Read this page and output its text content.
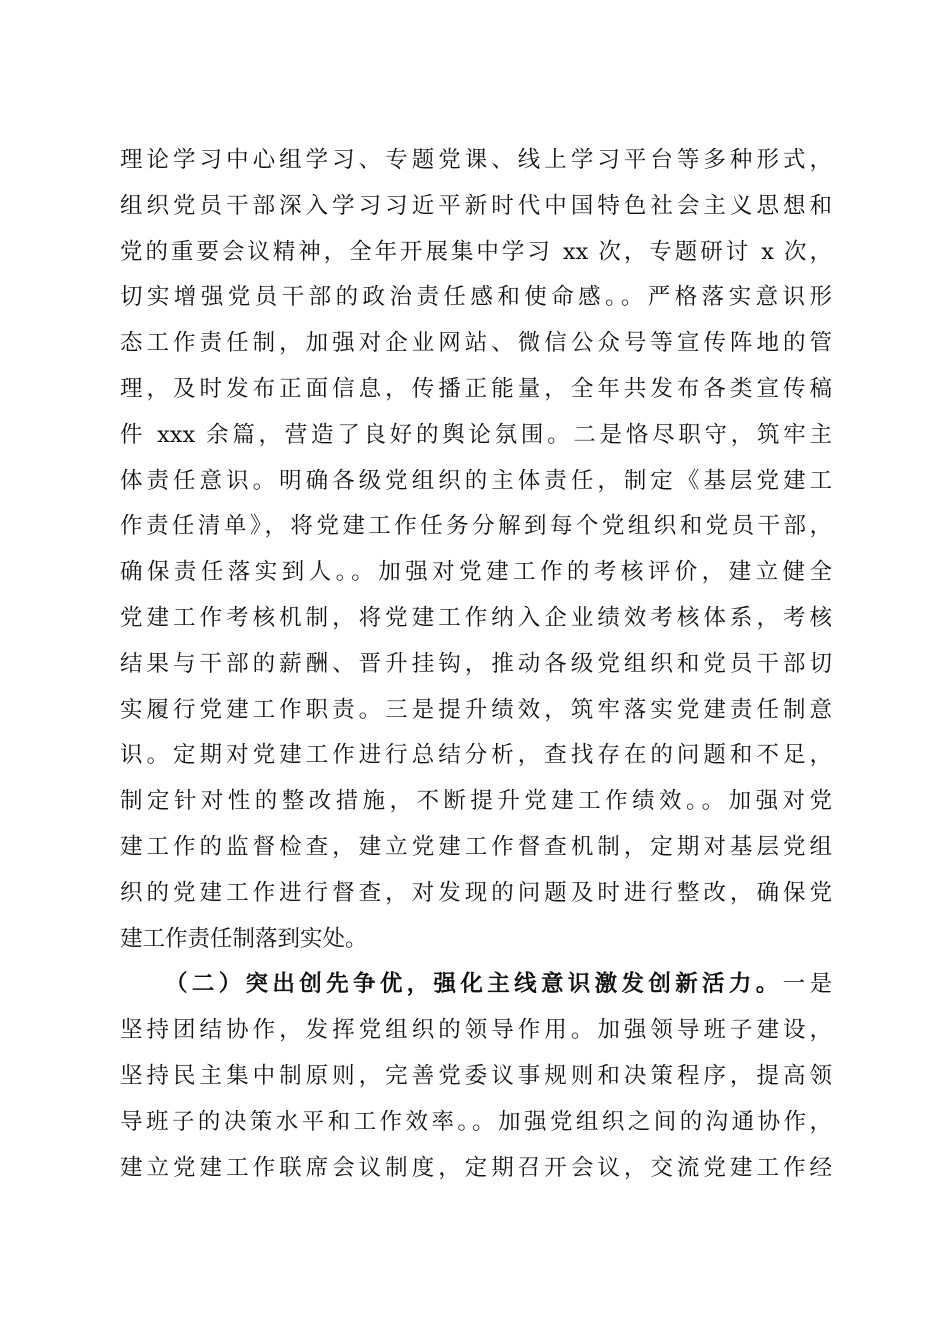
理论学习中心组学习、专题党课、线上学习平台等多种形式，
组织党员干部深入学习习近平新时代中国特色社会主义思想和
党的重要会议精神，全年开展集中学习 xx 次，专题研讨 x 次，
切实增强党员干部的政治责任感和使命感。。严格落实意识形
态工作责任制，加强对企业网站、微信公众号等宣传阵地的管
理，及时发布正面信息，传播正能量，全年共发布各类宣传稿
件 xxx 余篇，营造了良好的舆论氛围。二是恪尽职守，筑牢主
体责任意识。明确各级党组织的主体责任，制定《基层党建工
作责任清单》，将党建工作任务分解到每个党组织和党员干部，
确保责任落实到人。。加强对党建工作的考核评价，建立健全
党建工作考核机制，将党建工作纳入企业绩效考核体系，考核
结果与干部的薪酬、晋升挂钩，推动各级党组织和党员干部切
实履行党建工作职责。三是提升绩效，筑牢落实党建责任制意
识。定期对党建工作进行总结分析，查找存在的问题和不足，
制定针对性的整改措施，不断提升党建工作绩效。。加强对党
建工作的监督检查，建立党建工作督查机制，定期对基层党组
织的党建工作进行督查，对发现的问题及时进行整改，确保党
建工作责任制落到实处。
（二）突出创先争优，强化主线意识激发创新活力。一是
坚持团结协作，发挥党组织的领导作用。加强领导班子建设，
坚持民主集中制原则，完善党委议事规则和决策程序，提高领
导班子的决策水平和工作效率。。加强党组织之间的沟通协作，
建立党建工作联席会议制度，定期召开会议，交流党建工作经
